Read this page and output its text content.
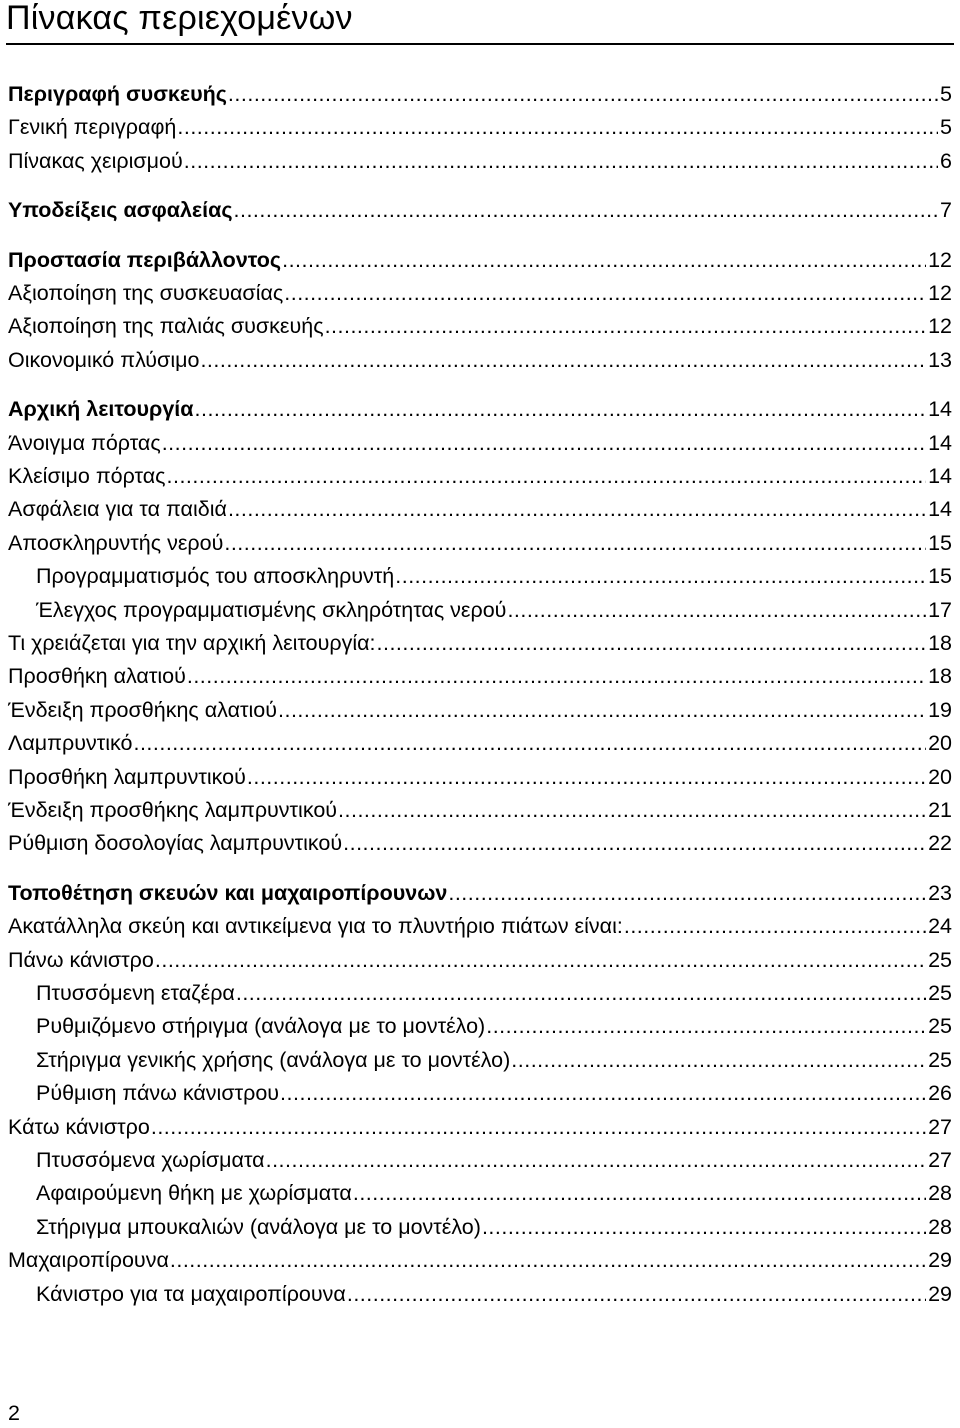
Πίνακας περιεχομένων
Περιγραφή συσκευής .....	5
Γενική περιγραφή .....	5
Πίνακας χειρισμού .....	6
Υποδείξεις ασφαλείας .....	7
Προστασία περιβάλλοντος .....	12
Αξιοποίηση της συσκευασίας .....	12
Αξιοποίηση της παλιάς συσκευής .....	12
Οικονομικό πλύσιμο .....	13
Αρχική λειτουργία .....	14
Άνοιγμα πόρτας .....	14
Κλείσιμο πόρτας .....	14
Ασφάλεια για τα παιδιά .....	14
Αποσκληρυντής νερού .....	15
Προγραμματισμός του αποσκληρυντή .....	15
Έλεγχος προγραμματισμένης σκληρότητας νερού .....	17
Τι χρειάζεται για την αρχική λειτουργία: .....	18
Προσθήκη αλατιού .....	18
Ένδειξη προσθήκης αλατιού .....	19
Λαμπρυντικό .....	20
Προσθήκη λαμπρυντικού .....	20
Ένδειξη προσθήκης λαμπρυντικού .....	21
Ρύθμιση δοσολογίας λαμπρυντικού .....	22
Τοποθέτηση σκευών και μαχαιροπίρουνων .....	23
Ακατάλληλα σκεύη και αντικείμενα για το πλυντήριο πιάτων είναι: .....	24
Πάνω κάνιστρο .....	25
Πτυσσόμενη εταζέρα .....	25
Ρυθμιζόμενο στήριγμα (ανάλογα με το μοντέλο) .....	25
Στήριγμα γενικής χρήσης (ανάλογα με το μοντέλο) .....	25
Ρύθμιση πάνω κάνιστρου .....	26
Κάτω κάνιστρο .....	27
Πτυσσόμενα χωρίσματα .....	27
Αφαιρούμενη θήκη με χωρίσματα .....	28
Στήριγμα μπουκαλιών (ανάλογα με το μοντέλο) .....	28
Μαχαιροπίρουνα .....	29
Κάνιστρο για τα μαχαιροπίρουνα .....	29
2
